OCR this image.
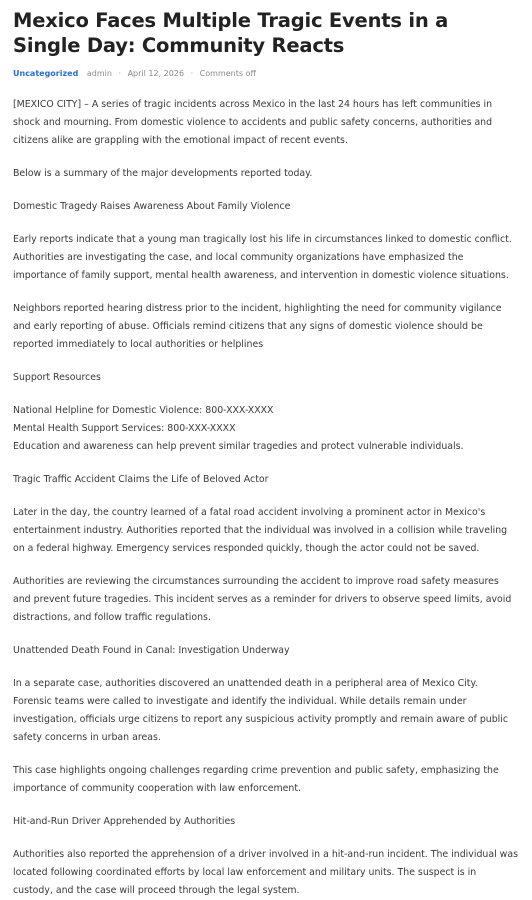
Mexico Faces Multiple Tragic Events in a Single Day: Community Reacts
Uncategorized admin · April 12, 2026 · Comments off

[MEXICO CITY] – A series of tragic incidents across Mexico in the last 24 hours has left communities in shock and mourning. From domestic violence to accidents and public safety concerns, authorities and citizens alike are grappling with the emotional impact of recent events.

Below is a summary of the major developments reported today.

Domestic Tragedy Raises Awareness About Family Violence

Early reports indicate that a young man tragically lost his life in circumstances linked to domestic conflict. Authorities are investigating the case, and local community organizations have emphasized the importance of family support, mental health awareness, and intervention in domestic violence situations.

Neighbors reported hearing distress prior to the incident, highlighting the need for community vigilance and early reporting of abuse. Officials remind citizens that any signs of domestic violence should be reported immediately to local authorities or helplines

Support Resources

National Helpline for Domestic Violence: 800-XXX-XXXX

Mental Health Support Services: 800-XXX-XXXX

Education and awareness can help prevent similar tragedies and protect vulnerable individuals.

Tragic Traffic Accident Claims the Life of Beloved Actor

Later in the day, the country learned of a fatal road accident involving a prominent actor in Mexico's entertainment industry. Authorities reported that the individual was involved in a collision while traveling on a federal highway. Emergency services responded quickly, though the actor could not be saved.

Authorities are reviewing the circumstances surrounding the accident to improve road safety measures and prevent future tragedies. This incident serves as a reminder for drivers to observe speed limits, avoid distractions, and follow traffic regulations.

Unattended Death Found in Canal: Investigation Underway

In a separate case, authorities discovered an unattended death in a peripheral area of Mexico City. Forensic teams were called to investigate and identify the individual. While details remain under investigation, officials urge citizens to report any suspicious activity promptly and remain aware of public safety concerns in urban areas.

This case highlights ongoing challenges regarding crime prevention and public safety, emphasizing the importance of community cooperation with law enforcement.

Hit-and-Run Driver Apprehended by Authorities

Authorities also reported the apprehension of a driver involved in a hit-and-run incident. The individual was located following coordinated efforts by local law enforcement and military units. The suspect is in custody, and the case will proceed through the legal system.
